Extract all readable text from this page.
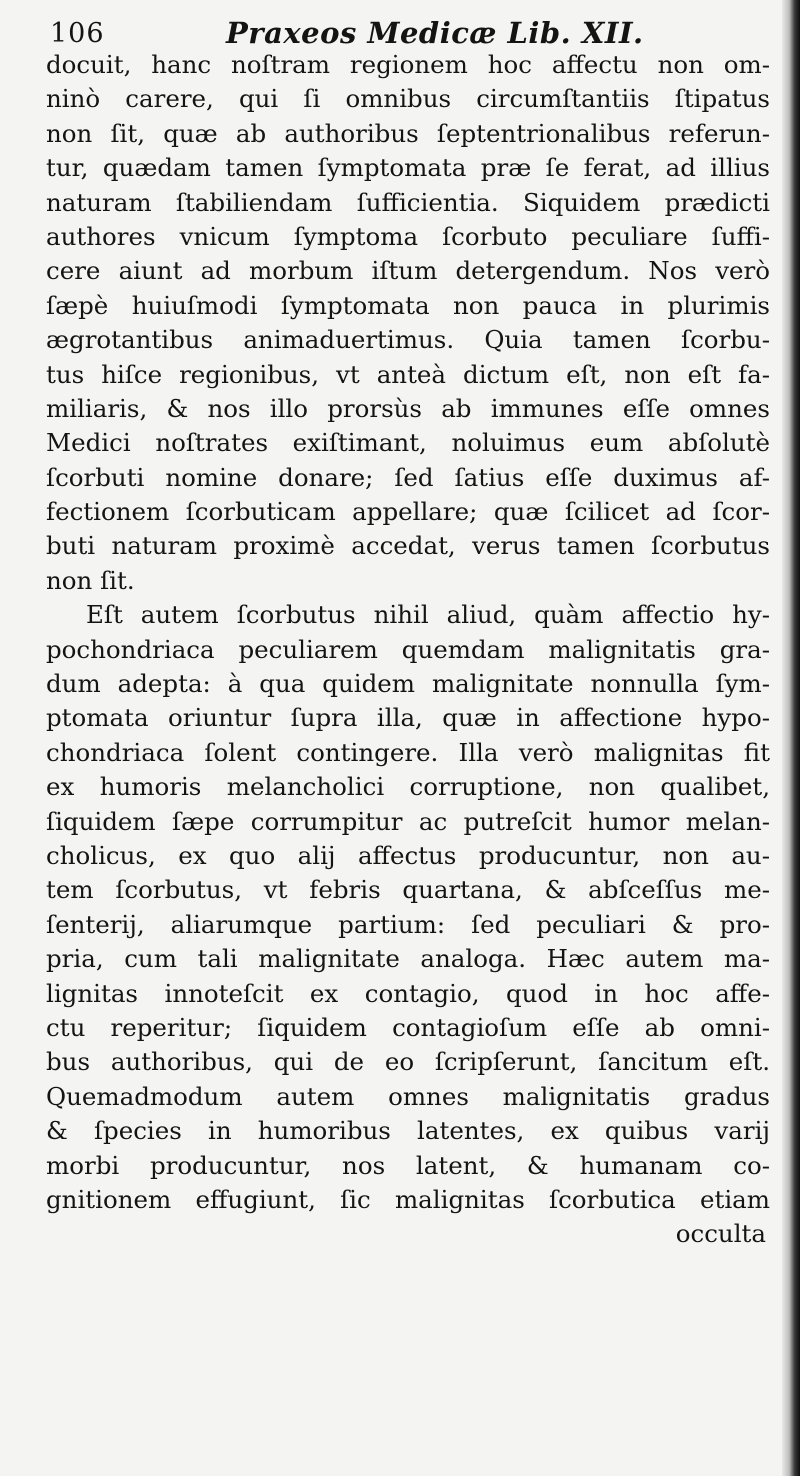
106	Praxeos Medicæ Lib. XII.
docuit, hanc noſtram regionem hoc affectu non om-
ninò carere, qui ſi omnibus circumſtantiis ſtipatus
non ſit, quæ ab authoribus ſeptentrionalibus referun-
tur, quædam tamen ſymptomata præ ſe ferat, ad illius
naturam ſtabiliendam ſufficientia. Siquidem prædicti
authores vnicum ſymptoma ſcorbuto peculiare ſuffi-
cere aiunt ad morbum iſtum detergendum. Nos verò
ſæpè huiuſmodi ſymptomata non pauca in plurimis
ægrotantibus animaduertimus. Quia tamen ſcorbu-
tus hiſce regionibus, vt anteà dictum eſt, non eſt fa-
miliaris, & nos illo prorsùs ab immunes eſſe omnes
Medici noſtrates exiſtimant, noluimus eum abſolutè
ſcorbuti nomine donare; ſed ſatius eſſe duximus af-
fectionem ſcorbuticam appellare; quæ ſcilicet ad ſcor-
buti naturam proximè accedat, verus tamen ſcorbutus
non ſit.
Eſt autem ſcorbutus nihil aliud, quàm affectio hy-
pochondriaca peculiarem quemdam malignitatis gra-
dum adepta: à qua quidem malignitate nonnulla ſym-
ptomata oriuntur ſupra illa, quæ in affectione hypo-
chondriaca ſolent contingere. Illa verò malignitas fit
ex humoris melancholici corruptione, non qualibet,
ſiquidem ſæpe corrumpitur ac putreſcit humor melan-
cholicus, ex quo alij affectus producuntur, non au-
tem ſcorbutus, vt febris quartana, & abſceſſus me-
ſenterij, aliarumque partium: ſed peculiari & pro-
pria, cum tali malignitate analoga. Hæc autem ma-
lignitas innoteſcit ex contagio, quod in hoc affe-
ctu reperitur; ſiquidem contagioſum eſſe ab omni-
bus authoribus, qui de eo ſcripſerunt, ſancitum eſt.
Quemadmodum autem omnes malignitatis gradus
& ſpecies in humoribus latentes, ex quibus varij
morbi producuntur, nos latent, & humanam co-
gnitionem effugiunt, ſic malignitas ſcorbutica etiam
occulta
